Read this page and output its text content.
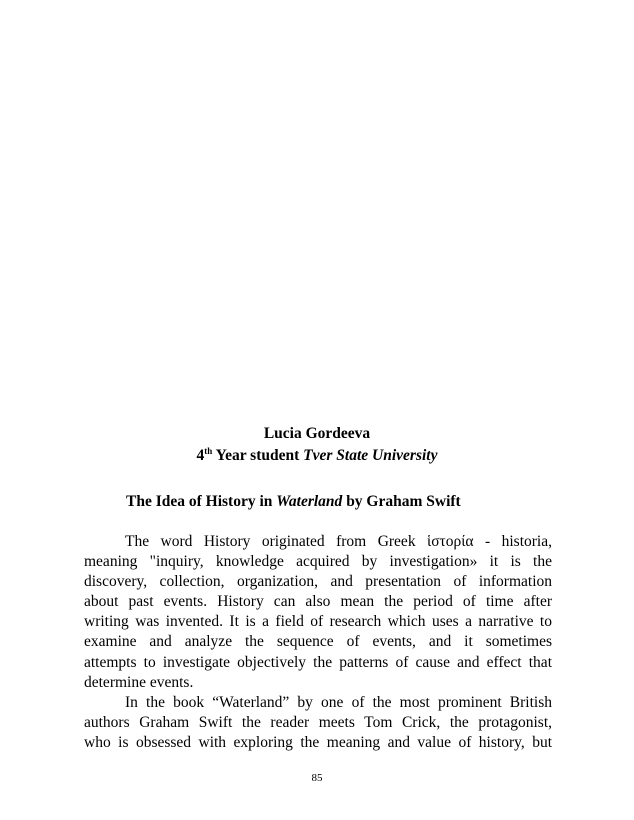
Lucia Gordeeva
4th Year student Tver State University
The Idea of History in Waterland by Graham Swift
The word History originated from Greek ἱστορία - historia,
meaning "inquiry, knowledge acquired by investigation» it is the
discovery, collection, organization, and presentation of information
about past events. History can also mean the period of time after
writing was invented. It is a field of research which uses a narrative to
examine and analyze the sequence of events, and it sometimes
attempts to investigate objectively the patterns of cause and effect that
determine events.
In the book “Waterland” by one of the most prominent British
authors Graham Swift the reader meets Tom Crick, the protagonist,
who is obsessed with exploring the meaning and value of history, but
85
